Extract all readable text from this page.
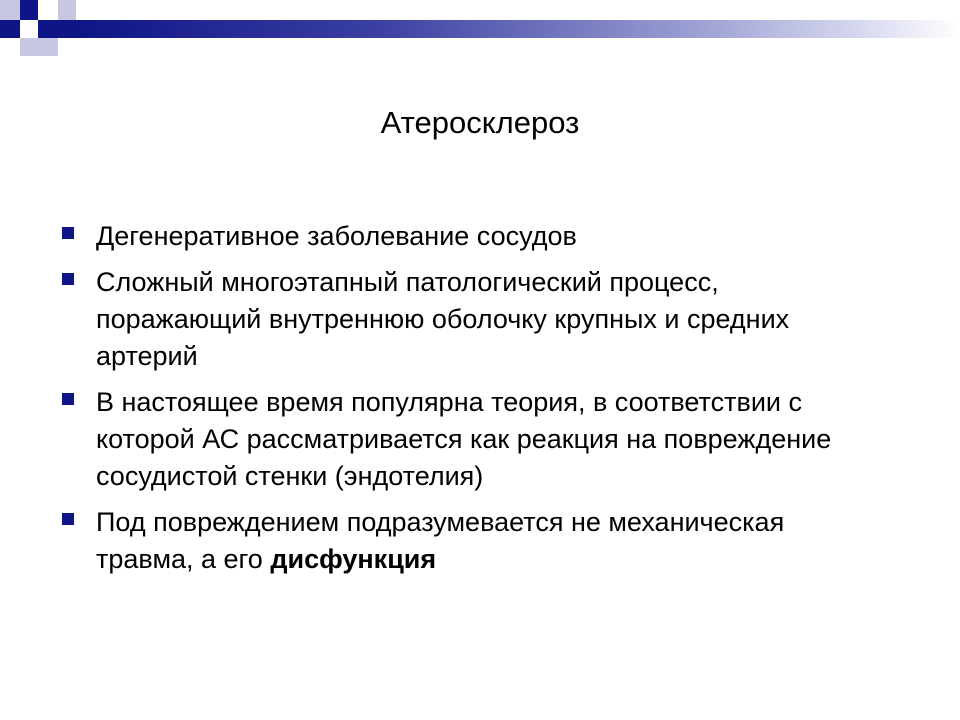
Атеросклероз
Дегенеративное заболевание сосудов
Сложный многоэтапный патологический процесс, поражающий внутреннюю оболочку крупных и средних артерий
В настоящее время популярна теория, в соответствии с которой АС рассматривается как реакция на повреждение сосудистой стенки (эндотелия)
Под повреждением подразумевается не механическая травма, а его дисфункция
